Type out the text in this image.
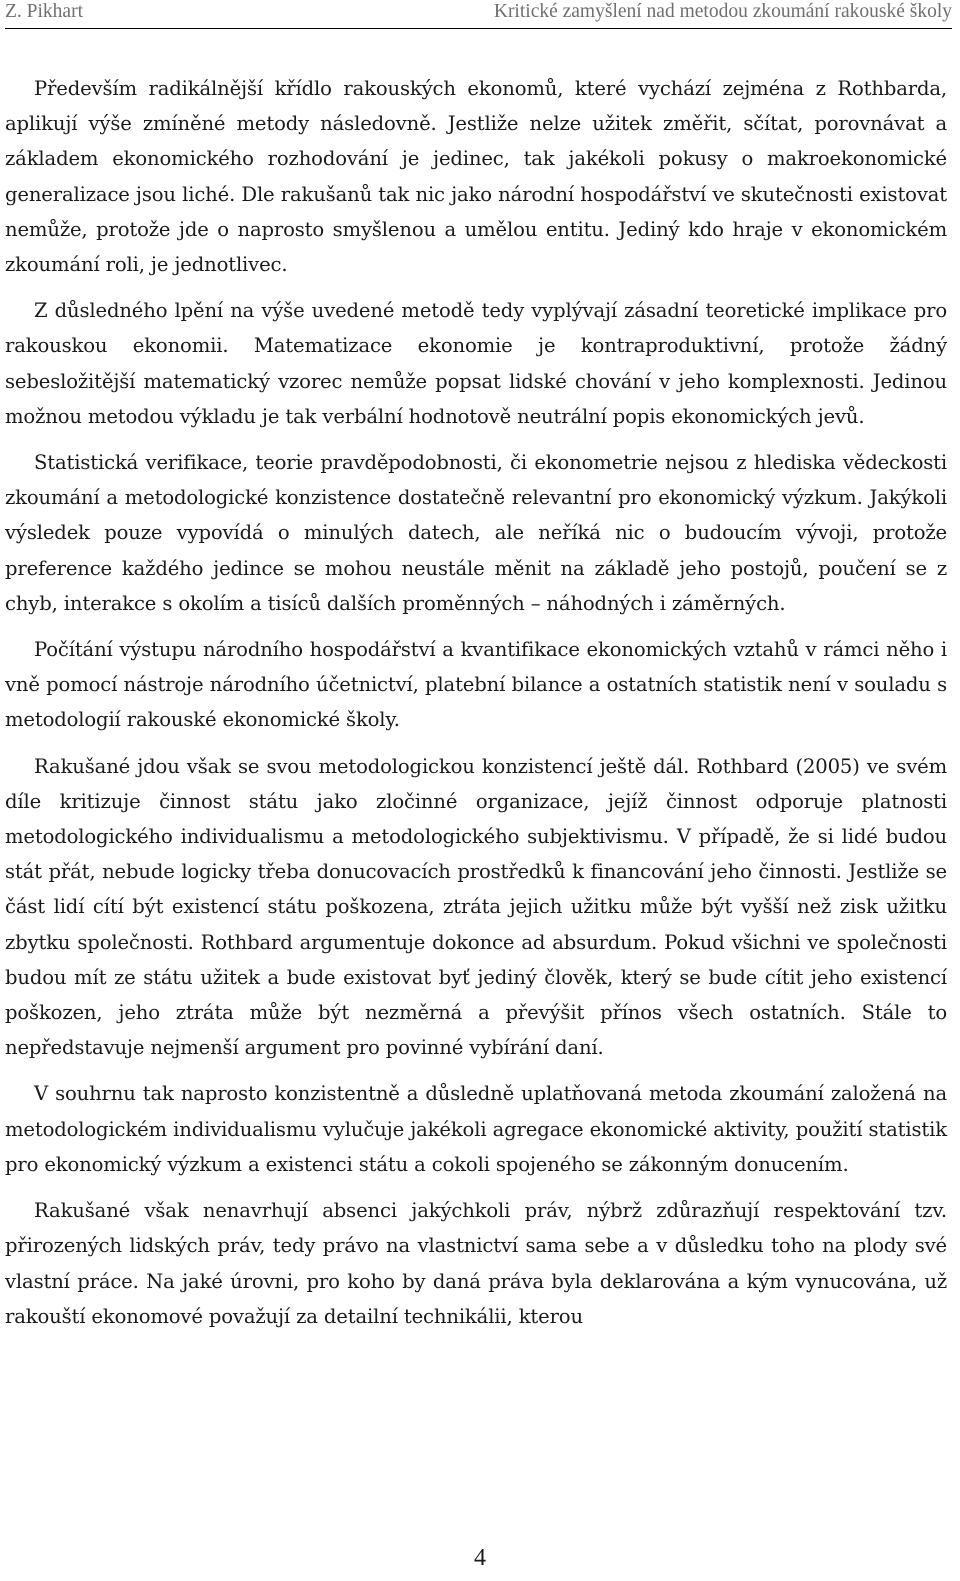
Z. Pikhart	Kritické zamyšlení nad metodou zkoumání rakouské školy

Především radikálnější křídlo rakouských ekonomů, které vychází zejména z Rothbarda, aplikují výše zmíněné metody následovně. Jestliže nelze užitek změřit, sčítat, porovnávat a základem ekonomického rozhodování je jedinec, tak jakékoli pokusy o makroekonomické generalizace jsou liché. Dle rakušanů tak nic jako národní hospodářství ve skutečnosti existovat nemůže, protože jde o naprosto smyšlenou a umělou entitu. Jediný kdo hraje v ekonomickém zkoumání roli, je jednotlivec.

Z důsledného lpění na výše uvedené metodě tedy vyplývají zásadní teoretické implikace pro rakouskou ekonomii. Matematizace ekonomie je kontraproduktivní, protože žádný sebesložitější matematický vzorec nemůže popsat lidské chování v jeho komplexnosti. Jedinou možnou metodou výkladu je tak verbální hodnotově neutrální popis ekonomických jevů.

Statistická verifikace, teorie pravděpodobnosti, či ekonometrie nejsou z hlediska vědeckosti zkoumání a metodologické konzistence dostatečně relevantní pro ekonomický výzkum. Jakýkoli výsledek pouze vypovídá o minulých datech, ale neříká nic o budoucím vývoji, protože preference každého jedince se mohou neustále měnit na základě jeho postojů, poučení se z chyb, interakce s okolím a tisíců dalších proměnných – náhodných i záměrných.

Počítání výstupu národního hospodářství a kvantifikace ekonomických vztahů v rámci něho i vně pomocí nástroje národního účetnictví, platební bilance a ostatních statistik není v souladu s metodologií rakouské ekonomické školy.

Rakušané jdou však se svou metodologickou konzistencí ještě dál. Rothbard (2005) ve svém díle kritizuje činnost státu jako zločinné organizace, jejíž činnost odporuje platnosti metodologického individualismu a metodologického subjektivismu. V případě, že si lidé budou stát přát, nebude logicky třeba donucovacích prostředků k financování jeho činnosti. Jestliže se část lidí cítí být existencí státu poškozena, ztráta jejich užitku může být vyšší než zisk užitku zbytku společnosti. Rothbard argumentuje dokonce ad absurdum. Pokud všichni ve společnosti budou mít ze státu užitek a bude existovat byť jediný člověk, který se bude cítit jeho existencí poškozen, jeho ztráta může být nezměrná a převýšit přínos všech ostatních. Stále to nepředstavuje nejmenší argument pro povinné vybírání daní.

V souhrnu tak naprosto konzistentně a důsledně uplatňovaná metoda zkoumání založená na metodologickém individualismu vylučuje jakékoli agregace ekonomické aktivity, použití statistik pro ekonomický výzkum a existenci státu a cokoli spojeného se zákonným donucením.

Rakušané však nenavrhují absenci jakýchkoli práv, nýbrž zdůrazňují respektování tzv. přirozených lidských práv, tedy právo na vlastnictví sama sebe a v důsledku toho na plody své vlastní práce. Na jaké úrovni, pro koho by daná práva byla deklarována a kým vynucována, už rakouští ekonomové považují za detailní technikálii, kterou

4
